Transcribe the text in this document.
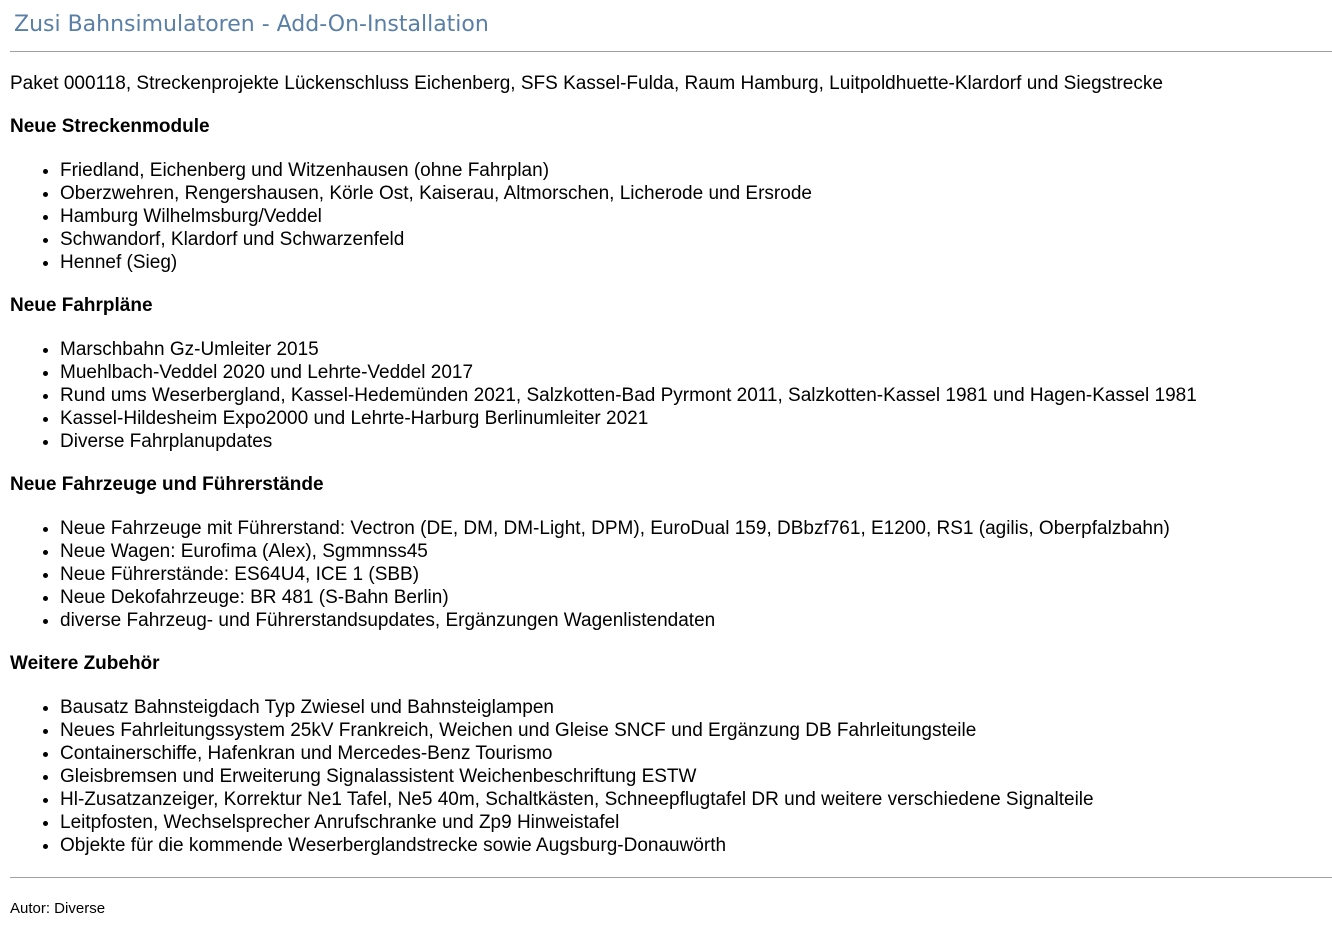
Zusi Bahnsimulatoren - Add-On-Installation

Paket 000118, Streckenprojekte Lückenschluss Eichenberg, SFS Kassel-Fulda, Raum Hamburg, Luitpoldhuette-Klardorf und Siegstrecke

Neue Streckenmodule
• Friedland, Eichenberg und Witzenhausen (ohne Fahrplan)
• Oberzwehren, Rengershausen, Körle Ost, Kaiserau, Altmorschen, Licherode und Ersrode
• Hamburg Wilhelmsburg/Veddel
• Schwandorf, Klardorf und Schwarzenfeld
• Hennef (Sieg)
Neue Fahrpläne
• Marschbahn Gz-Umleiter 2015
• Muehlbach-Veddel 2020 und Lehrte-Veddel 2017
• Rund ums Weserbergland, Kassel-Hedemünden 2021, Salzkotten-Bad Pyrmont 2011, Salzkotten-Kassel 1981 und Hagen-Kassel 1981
• Kassel-Hildesheim Expo2000 und Lehrte-Harburg Berlinumleiter 2021
• Diverse Fahrplanupdates
Neue Fahrzeuge und Führerstände
• Neue Fahrzeuge mit Führerstand: Vectron (DE, DM, DM-Light, DPM), EuroDual 159, DBbzf761, E1200, RS1 (agilis, Oberpfalzbahn)
• Neue Wagen: Eurofima (Alex), Sgmmnss45
• Neue Führerstände: ES64U4, ICE 1 (SBB)
• Neue Dekofahrzeuge: BR 481 (S-Bahn Berlin)
• diverse Fahrzeug- und Führerstandsupdates, Ergänzungen Wagenlistendaten
Weitere Zubehör
• Bausatz Bahnsteigdach Typ Zwiesel und Bahnsteiglampen
• Neues Fahrleitungssystem 25kV Frankreich, Weichen und Gleise SNCF und Ergänzung DB Fahrleitungsteile
• Containerschiffe, Hafenkran und Mercedes-Benz Tourismo
• Gleisbremsen und Erweiterung Signalassistent Weichenbeschriftung ESTW
• Hl-Zusatzanzeiger, Korrektur Ne1 Tafel, Ne5 40m, Schaltkästen, Schneepflugtafel DR und weitere verschiedene Signalteile
• Leitpfosten, Wechselsprecher Anrufschranke und Zp9 Hinweistafel
• Objekte für die kommende Weserberglandstrecke sowie Augsburg-Donauwörth

Autor: Diverse
